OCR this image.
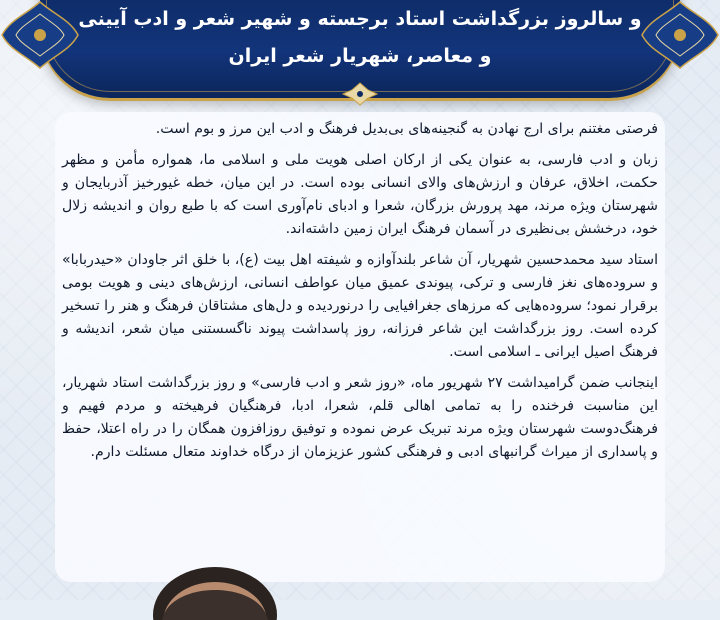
و سالروز بزرگداشت استاد برجسته و شهیر شعر و ادب آیینی
و معاصر، شهریار شعر ایران

فرصتی مغتنم برای ارج نهادن به گنجینه‌های بی‌بدیل فرهنگ و ادب این مرز و بوم است.

زبان و ادب فارسی، به عنوان یکی از ارکان اصلی هویت ملی و اسلامی ما، همواره مأمن و مظهر حکمت، اخلاق، عرفان و ارزش‌های والای انسانی بوده است. در این میان، خطه غیورخیز آذربایجان و شهرستان ویژه مرند، مهد پرورش بزرگان، شعرا و ادبای نام‌آوری است که با طبع روان و اندیشه زلال خود، درخشش بی‌نظیری در آسمان فرهنگ ایران زمین داشته‌اند.

استاد سید محمدحسین شهریار، آن شاعر بلندآوازه و شیفته اهل بیت (ع)، با خلق اثر جاودان «حیدربابا» و سروده‌های نغز فارسی و ترکی، پیوندی عمیق میان عواطف انسانی، ارزش‌های دینی و هویت بومی برقرار نمود؛ سروده‌هایی که مرزهای جغرافیایی را درنوردیده و دل‌های مشتاقان فرهنگ و هنر را تسخیر کرده است. روز بزرگداشت این شاعر فرزانه، روز پاسداشت پیوند ناگسستنی میان شعر، اندیشه و فرهنگ اصیل ایرانی ـ اسلامی است.

اینجانب ضمن گرامیداشت ۲۷ شهریور ماه، «روز شعر و ادب فارسی» و روز بزرگداشت استاد شهریار، این مناسبت فرخنده را به تمامی اهالی قلم، شعرا، ادبا، فرهنگیان فرهیخته و مردم فهیم و فرهنگ‌دوست شهرستان ویژه مرند تبریک عرض نموده و توفیق روزافزون همگان را در راه اعتلا، حفظ و پاسداری از میراث گرانبهای ادبی و فرهنگی کشور عزیزمان از درگاه خداوند متعال مسئلت دارم.
